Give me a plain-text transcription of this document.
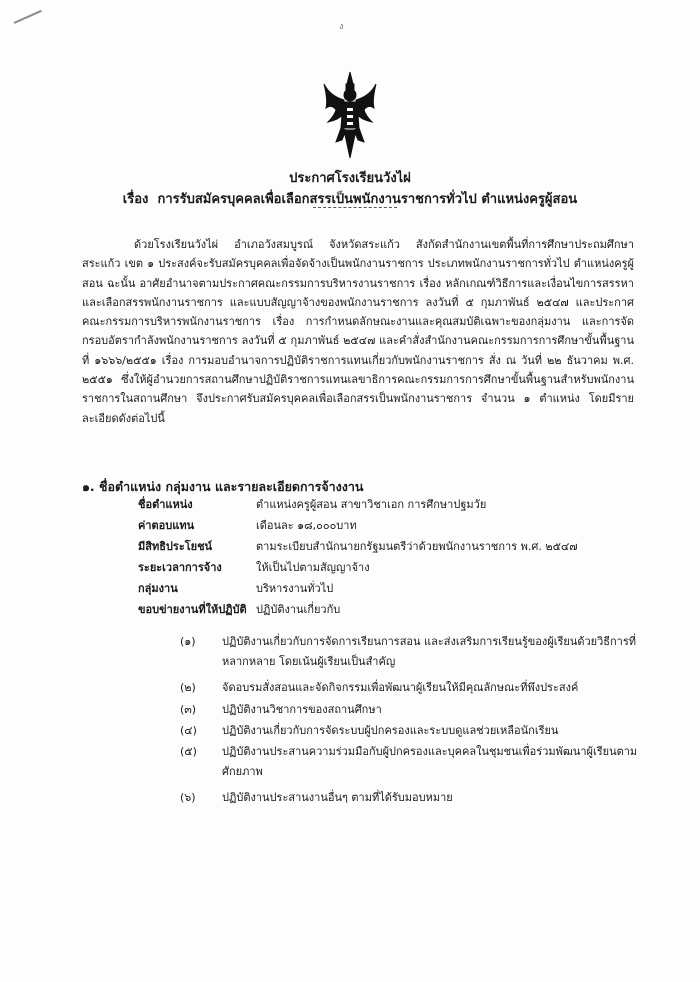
ง
ประกาศโรงเรียนวังไผ่
เรื่อง การรับสมัครบุคคลเพื่อเลือกสรรเป็นพนักงานราชการทั่วไป ตำแหน่งครูผู้สอน
ด้วยโรงเรียนวังไผ่ อำเภอวังสมบูรณ์ จังหวัดสระแก้ว สังกัดสำนักงานเขตพื้นที่การศึกษาประถมศึกษาสระแก้ว เขต ๑ ประสงค์จะรับสมัครบุคคลเพื่อจัดจ้างเป็นพนักงานราชการ ประเภทพนักงานราชการทั่วไป ตำแหน่งครูผู้สอน ฉะนั้น อาศัยอำนาจตามประกาศคณะกรรมการบริหารงานราชการ เรื่อง หลักเกณฑ์วิธีการและเงื่อนไขการสรรหาและเลือกสรรพนักงานราชการ และแบบสัญญาจ้างของพนักงานราชการ ลงวันที่ ๕ กุมภาพันธ์ ๒๕๔๗ และประกาศคณะกรรมการบริหารพนักงานราชการ เรื่อง การกำหนดลักษณะงานและคุณสมบัติเฉพาะของกลุ่มงาน และการจัดกรอบอัตรากำลังพนักงานราชการ ลงวันที่ ๕ กุมภาพันธ์ ๒๕๔๗ และคำสั่งสำนักงานคณะกรรมการการศึกษาขั้นพื้นฐาน ที่ ๑๖๖๖/๒๕๕๑ เรื่อง การมอบอำนาจการปฏิบัติราชการแทนเกี่ยวกับพนักงานราชการ สั่ง ณ วันที่ ๒๒ ธันวาคม พ.ศ. ๒๕๕๑ ซึ่งให้ผู้อำนวยการสถานศึกษาปฏิบัติราชการแทนเลขาธิการคณะกรรมการการศึกษาขั้นพื้นฐานสำหรับพนักงานราชการในสถานศึกษา จึงประกาศรับสมัครบุคคลเพื่อเลือกสรรเป็นพนักงานราชการ จำนวน ๑ ตำแหน่ง โดยมีรายละเอียดดังต่อไปนี้
๑. ชื่อตำแหน่ง กลุ่มงาน และรายละเอียดการจ้างงาน
ชื่อตำแหน่ง	ตำแหน่งครูผู้สอน สาขาวิชาเอก การศึกษาปฐมวัย
ค่าตอบแทน	เดือนละ ๑๘,๐๐๐บาท
มีสิทธิประโยชน์	ตามระเบียบสำนักนายกรัฐมนตรีว่าด้วยพนักงานราชการ พ.ศ. ๒๕๔๗
ระยะเวลาการจ้าง	ให้เป็นไปตามสัญญาจ้าง
กลุ่มงาน	บริหารงานทั่วไป
ขอบข่ายงานที่ให้ปฏิบัติ ปฏิบัติงานเกี่ยวกับ
(๑)	ปฏิบัติงานเกี่ยวกับการจัดการเรียนการสอน และส่งเสริมการเรียนรู้ของผู้เรียนด้วยวิธีการที่หลากหลาย โดยเน้นผู้เรียนเป็นสำคัญ
(๒)	จัดอบรมสั่งสอนและจัดกิจกรรมเพื่อพัฒนาผู้เรียนให้มีคุณลักษณะที่พึงประสงค์
(๓)	ปฏิบัติงานวิชาการของสถานศึกษา
(๔)	ปฏิบัติงานเกี่ยวกับการจัดระบบผู้ปกครองและระบบดูแลช่วยเหลือนักเรียน
(๕)	ปฏิบัติงานประสานความร่วมมือกับผู้ปกครองและบุคคลในชุมชนเพื่อร่วมพัฒนาผู้เรียนตามศักยภาพ
(๖)	ปฏิบัติงานประสานงานอื่นๆ ตามที่ได้รับมอบหมาย
